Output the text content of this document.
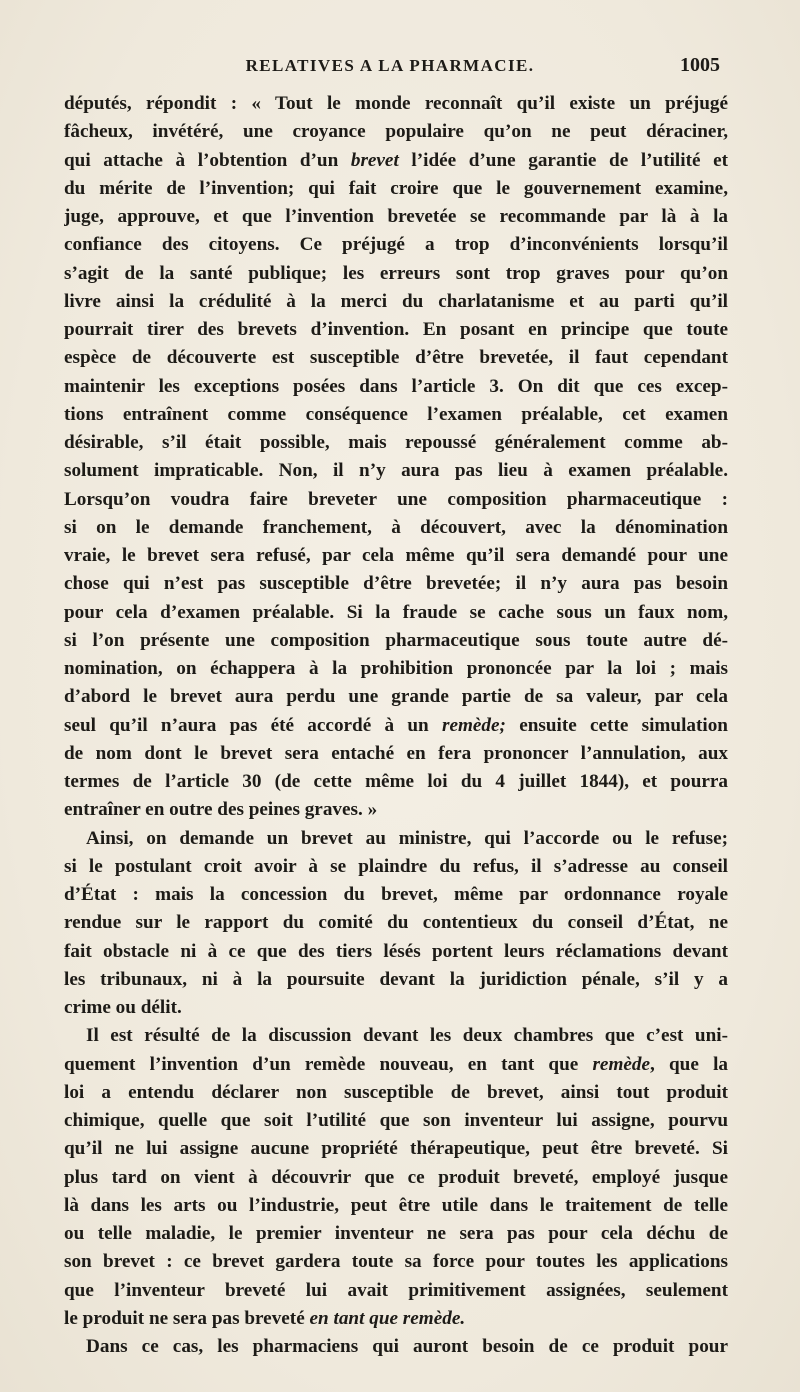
RELATIVES A LA PHARMACIE.	1005
députés, répondit : « Tout le monde reconnaît qu’il existe un préjugé
fâcheux, invétéré, une croyance populaire qu’on ne peut déraciner,
qui attache à l’obtention d’un brevet l’idée d’une garantie de l’utilité et
du mérite de l’invention; qui fait croire que le gouvernement examine,
juge, approuve, et que l’invention brevetée se recommande par là à la
confiance des citoyens. Ce préjugé a trop d’inconvénients lorsqu’il
s’agit de la santé publique; les erreurs sont trop graves pour qu’on
livre ainsi la crédulité à la merci du charlatanisme et au parti qu’il
pourrait tirer des brevets d’invention. En posant en principe que toute
espèce de découverte est susceptible d’être brevetée, il faut cependant
maintenir les exceptions posées dans l’article 3. On dit que ces excep-
tions entraînent comme conséquence l’examen préalable, cet examen
désirable, s’il était possible, mais repoussé généralement comme ab-
solument impraticable. Non, il n’y aura pas lieu à examen préalable.
Lorsqu’on voudra faire breveter une composition pharmaceutique :
si on le demande franchement, à découvert, avec la dénomination
vraie, le brevet sera refusé, par cela même qu’il sera demandé pour une
chose qui n’est pas susceptible d’être brevetée; il n’y aura pas besoin
pour cela d’examen préalable. Si la fraude se cache sous un faux nom,
si l’on présente une composition pharmaceutique sous toute autre dé-
nomination, on échappera à la prohibition prononcée par la loi ; mais
d’abord le brevet aura perdu une grande partie de sa valeur, par cela
seul qu’il n’aura pas été accordé à un remède; ensuite cette simulation
de nom dont le brevet sera entaché en fera prononcer l’annulation, aux
termes de l’article 30 (de cette même loi du 4 juillet 1844), et pourra
entraîner en outre des peines graves. »
Ainsi, on demande un brevet au ministre, qui l’accorde ou le refuse;
si le postulant croit avoir à se plaindre du refus, il s’adresse au conseil
d’État : mais la concession du brevet, même par ordonnance royale
rendue sur le rapport du comité du contentieux du conseil d’État, ne
fait obstacle ni à ce que des tiers lésés portent leurs réclamations devant
les tribunaux, ni à la poursuite devant la juridiction pénale, s’il y a
crime ou délit.
Il est résulté de la discussion devant les deux chambres que c’est uni-
quement l’invention d’un remède nouveau, en tant que remède, que la
loi a entendu déclarer non susceptible de brevet, ainsi tout produit
chimique, quelle que soit l’utilité que son inventeur lui assigne, pourvu
qu’il ne lui assigne aucune propriété thérapeutique, peut être breveté. Si
plus tard on vient à découvrir que ce produit breveté, employé jusque
là dans les arts ou l’industrie, peut être utile dans le traitement de telle
ou telle maladie, le premier inventeur ne sera pas pour cela déchu de
son brevet : ce brevet gardera toute sa force pour toutes les applications
que l’inventeur breveté lui avait primitivement assignées, seulement
le produit ne sera pas breveté en tant que remède.
Dans ce cas, les pharmaciens qui auront besoin de ce produit pour
